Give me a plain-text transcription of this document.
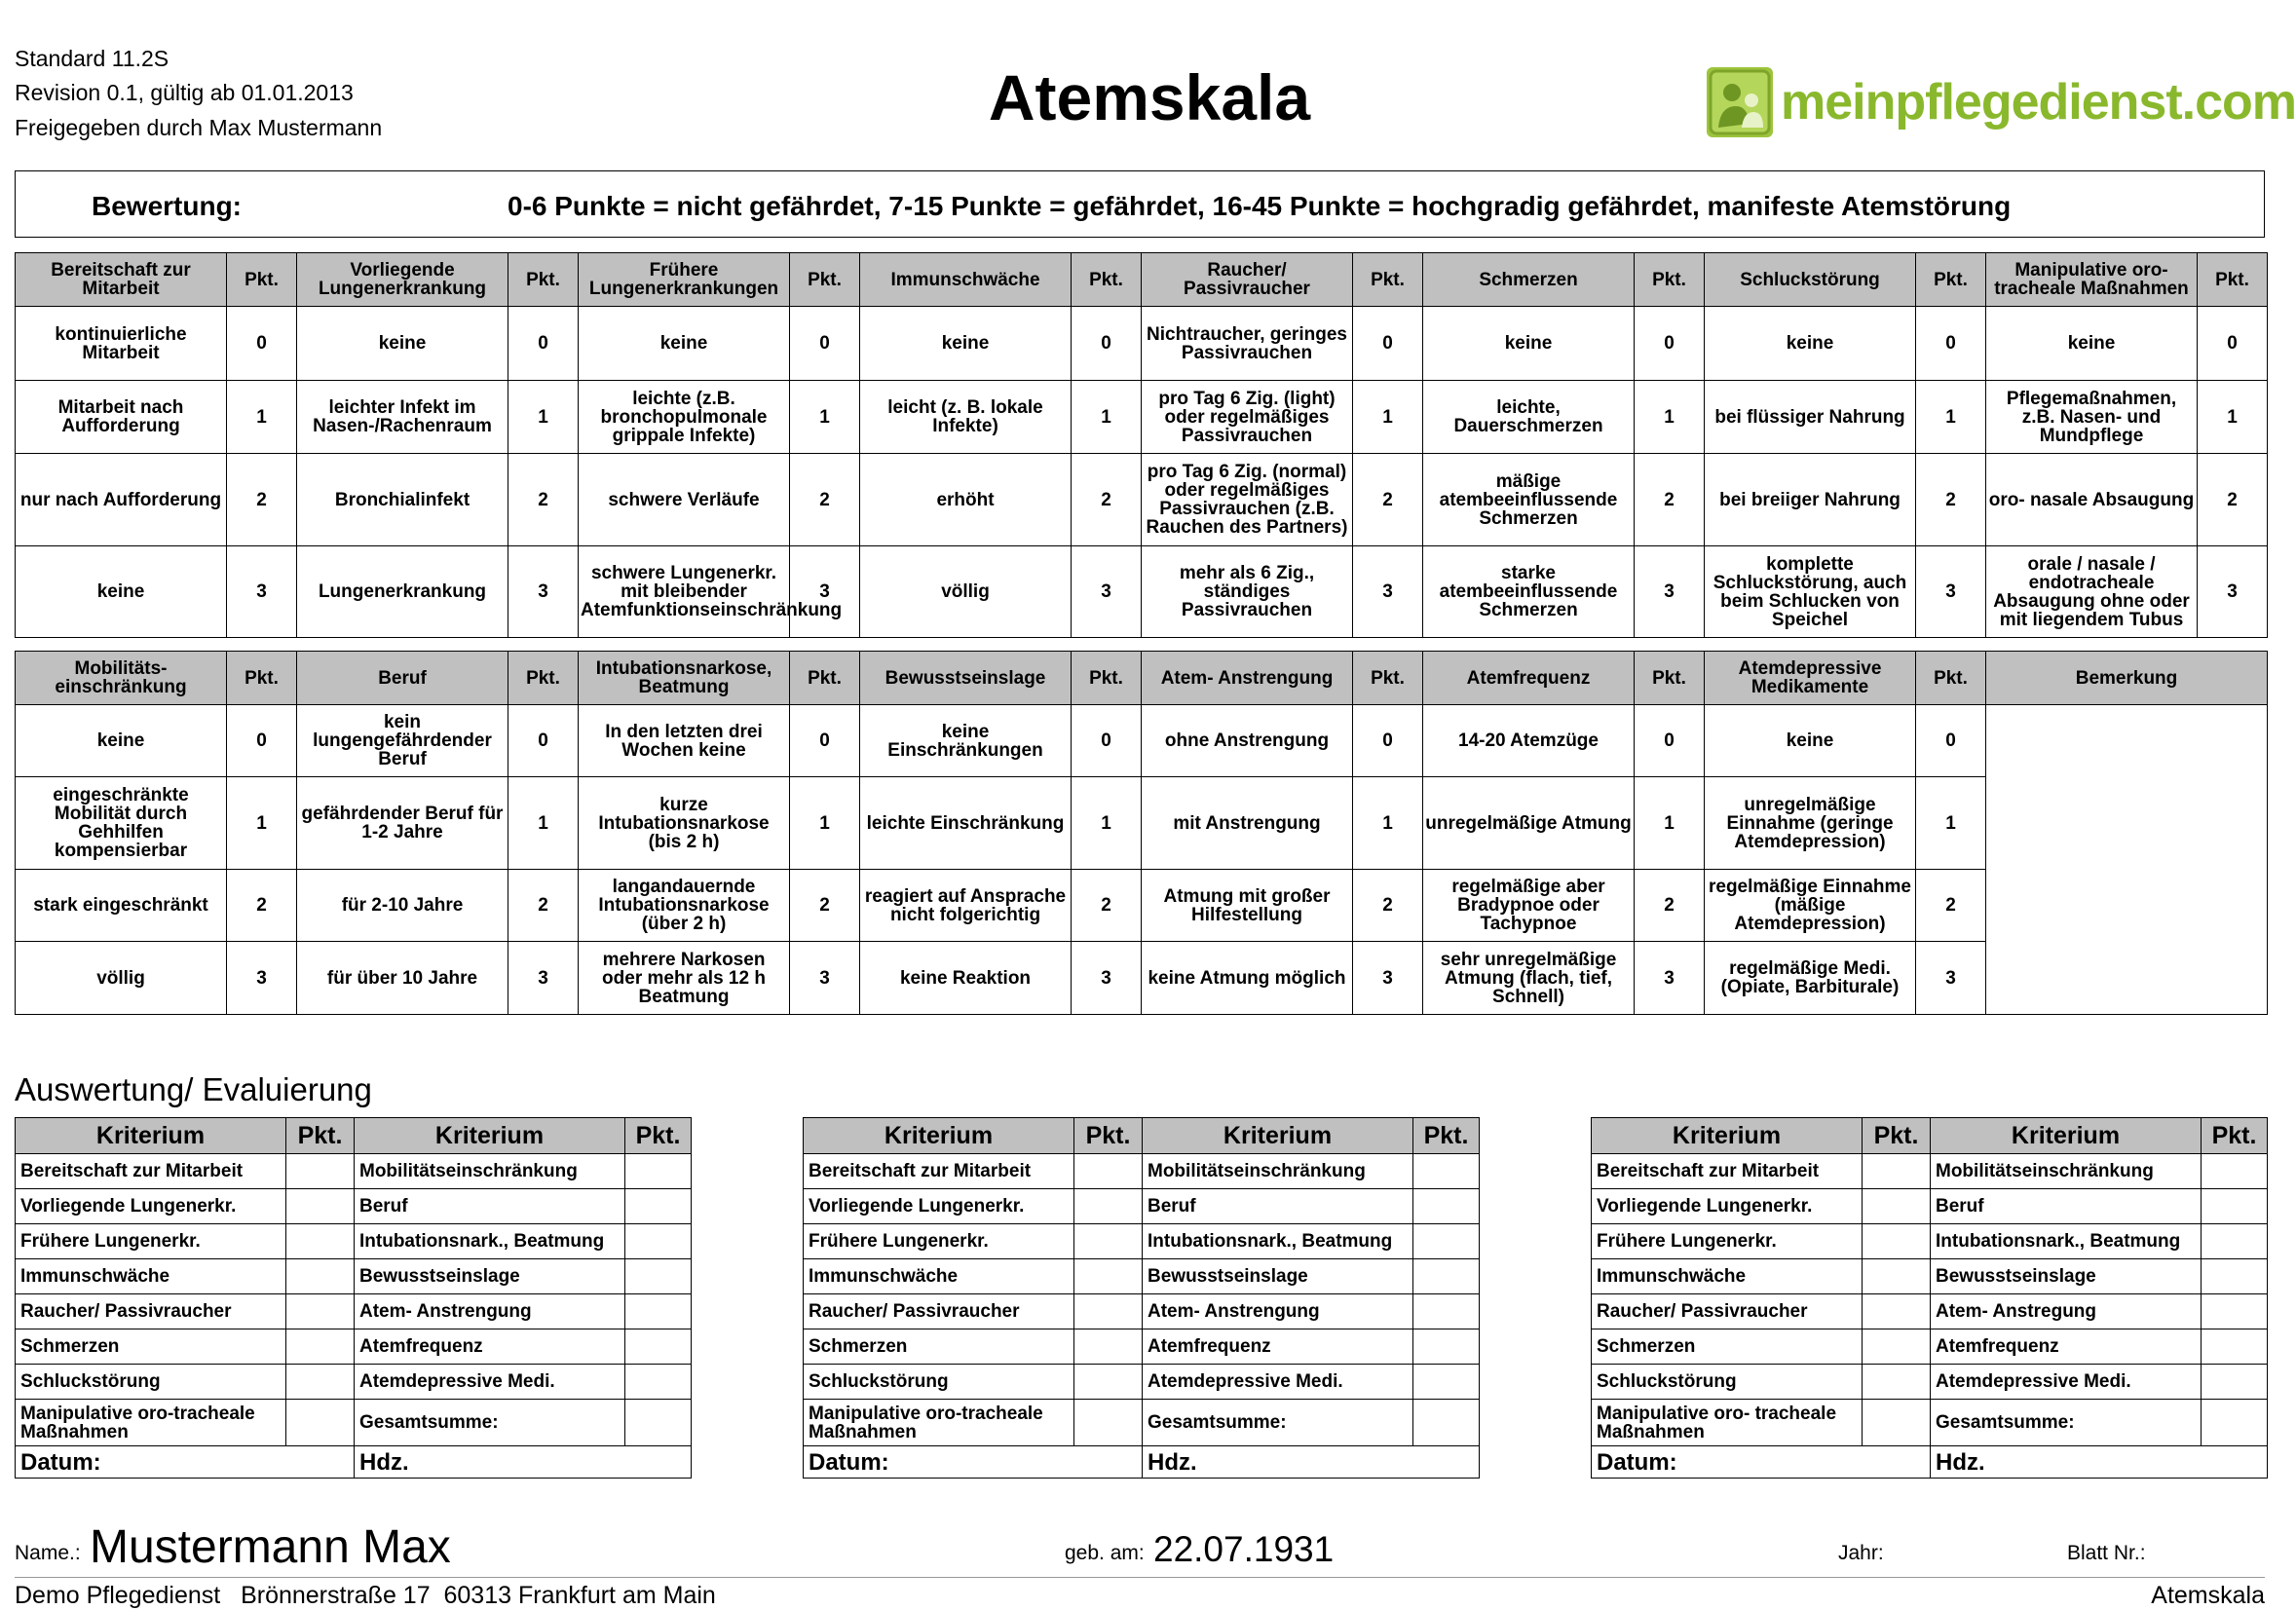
Standard 11.2S
Revision 0.1, gültig ab 01.01.2013
Freigegeben durch Max Mustermann	Atemskala	meinpflegedienst.com
Bewertung:	0-6 Punkte = nicht gefährdet, 7-15 Punkte = gefährdet, 16-45 Punkte = hochgradig gefährdet, manifeste Atemstörung
Bereitschaft zur Mitarbeit	Pkt.	Vorliegende Lungenerkrankung	Pkt.	Frühere Lungenerkrankungen	Pkt.	Immunschwäche	Pkt.	Raucher/ Passivraucher	Pkt.	Schmerzen	Pkt.	Schluckstörung	Pkt.	Manipulative oro-tracheale Maßnahmen	Pkt.
kontinuierliche Mitarbeit	0	keine	0	keine	0	keine	0	Nichtraucher, geringes Passivrauchen	0	keine	0	keine	0	keine	0
Mitarbeit nach Aufforderung	1	leichter Infekt im Nasen-/Rachenraum	1	leichte (z.B. bronchopulmonale grippale Infekte)	1	leicht (z. B. lokale Infekte)	1	pro Tag 6 Zig. (light) oder regelmäßiges Passivrauchen	1	leichte, Dauerschmerzen	1	bei flüssiger Nahrung	1	Pflegemaßnahmen, z.B. Nasen- und Mundpflege	1
nur nach Aufforderung	2	Bronchialinfekt	2	schwere Verläufe	2	erhöht	2	pro Tag 6 Zig. (normal) oder regelmäßiges Passivrauchen (z.B. Rauchen des Partners)	2	mäßige atembeeinflussende Schmerzen	2	bei breiiger Nahrung	2	oro- nasale Absaugung	2
keine	3	Lungenerkrankung	3	schwere Lungenerkr. mit bleibender Atemfunktionseinschränkung	3	völlig	3	mehr als 6 Zig., ständiges Passivrauchen	3	starke atembeeinflussende Schmerzen	3	komplette Schluckstörung, auch beim Schlucken von Speichel	3	orale / nasale / endotracheale Absaugung ohne oder mit liegendem Tubus	3
Mobilitäts- einschränkung	Pkt.	Beruf	Pkt.	Intubationsnarkose, Beatmung	Pkt.	Bewusstseinslage	Pkt.	Atem- Anstrengung	Pkt.	Atemfrequenz	Pkt.	Atemdepressive Medikamente	Pkt.	Bemerkung
keine	0	kein lungengefährdender Beruf	0	In den letzten drei Wochen keine	0	keine Einschränkungen	0	ohne Anstrengung	0	14-20 Atemzüge	0	keine	0	
eingeschränkte Mobilität durch Gehhilfen kompensierbar	1	gefährdender Beruf für 1-2 Jahre	1	kurze Intubationsnarkose (bis 2 h)	1	leichte Einschränkung	1	mit Anstrengung	1	unregelmäßige Atmung	1	unregelmäßige Einnahme (geringe Atemdepression)	1	
stark eingeschränkt	2	für 2-10 Jahre	2	langandauernde Intubationsnarkose (über 2 h)	2	reagiert auf Ansprache nicht folgerichtig	2	Atmung mit großer Hilfestellung	2	regelmäßige aber Bradypnoe oder Tachypnoe	2	regelmäßige Einnahme (mäßige Atemdepression)	2	
völlig	3	für über 10 Jahre	3	mehrere Narkosen oder mehr als 12 h Beatmung	3	keine Reaktion	3	keine Atmung möglich	3	sehr unregelmäßige Atmung (flach, tief, Schnell)	3	regelmäßige Medi. (Opiate, Barbiturale)	3	
Auswertung/ Evaluierung
Kriterium	Pkt.	Kriterium	Pkt.
Bereitschaft zur Mitarbeit		Mobilitätseinschränkung	
Vorliegende Lungenerkr.		Beruf	
Frühere Lungenerkr.		Intubationsnark., Beatmung	
Immunschwäche		Bewusstseinslage	
Raucher/ Passivraucher		Atem- Anstrengung	
Schmerzen		Atemfrequenz	
Schluckstörung		Atemdepressive Medi.	
Manipulative oro-tracheale Maßnahmen		Gesamtsumme:	
Datum:		Hdz.	
Kriterium	Pkt.	Kriterium	Pkt.
Bereitschaft zur Mitarbeit		Mobilitätseinschränkung	
Vorliegende Lungenerkr.		Beruf	
Frühere Lungenerkr.		Intubationsnark., Beatmung	
Immunschwäche		Bewusstseinslage	
Raucher/ Passivraucher		Atem- Anstrengung	
Schmerzen		Atemfrequenz	
Schluckstörung		Atemdepressive Medi.	
Manipulative oro-tracheale Maßnahmen		Gesamtsumme:	
Datum:		Hdz.	
Kriterium	Pkt.	Kriterium	Pkt.
Bereitschaft zur Mitarbeit		Mobilitätseinschränkung	
Vorliegende Lungenerkr.		Beruf	
Frühere Lungenerkr.		Intubationsnark., Beatmung	
Immunschwäche		Bewusstseinslage	
Raucher/ Passivraucher		Atem- Anstregung	
Schmerzen		Atemfrequenz	
Schluckstörung		Atemdepressive Medi.	
Manipulative oro- tracheale Maßnahmen		Gesamtsumme:	
Datum:		Hdz.	
Name.: Mustermann Max	geb. am: 22.07.1931	Jahr:	Blatt Nr.:
Demo Pflegedienst   Brönnerstraße 17  60313 Frankfurt am Main	Atemskala
